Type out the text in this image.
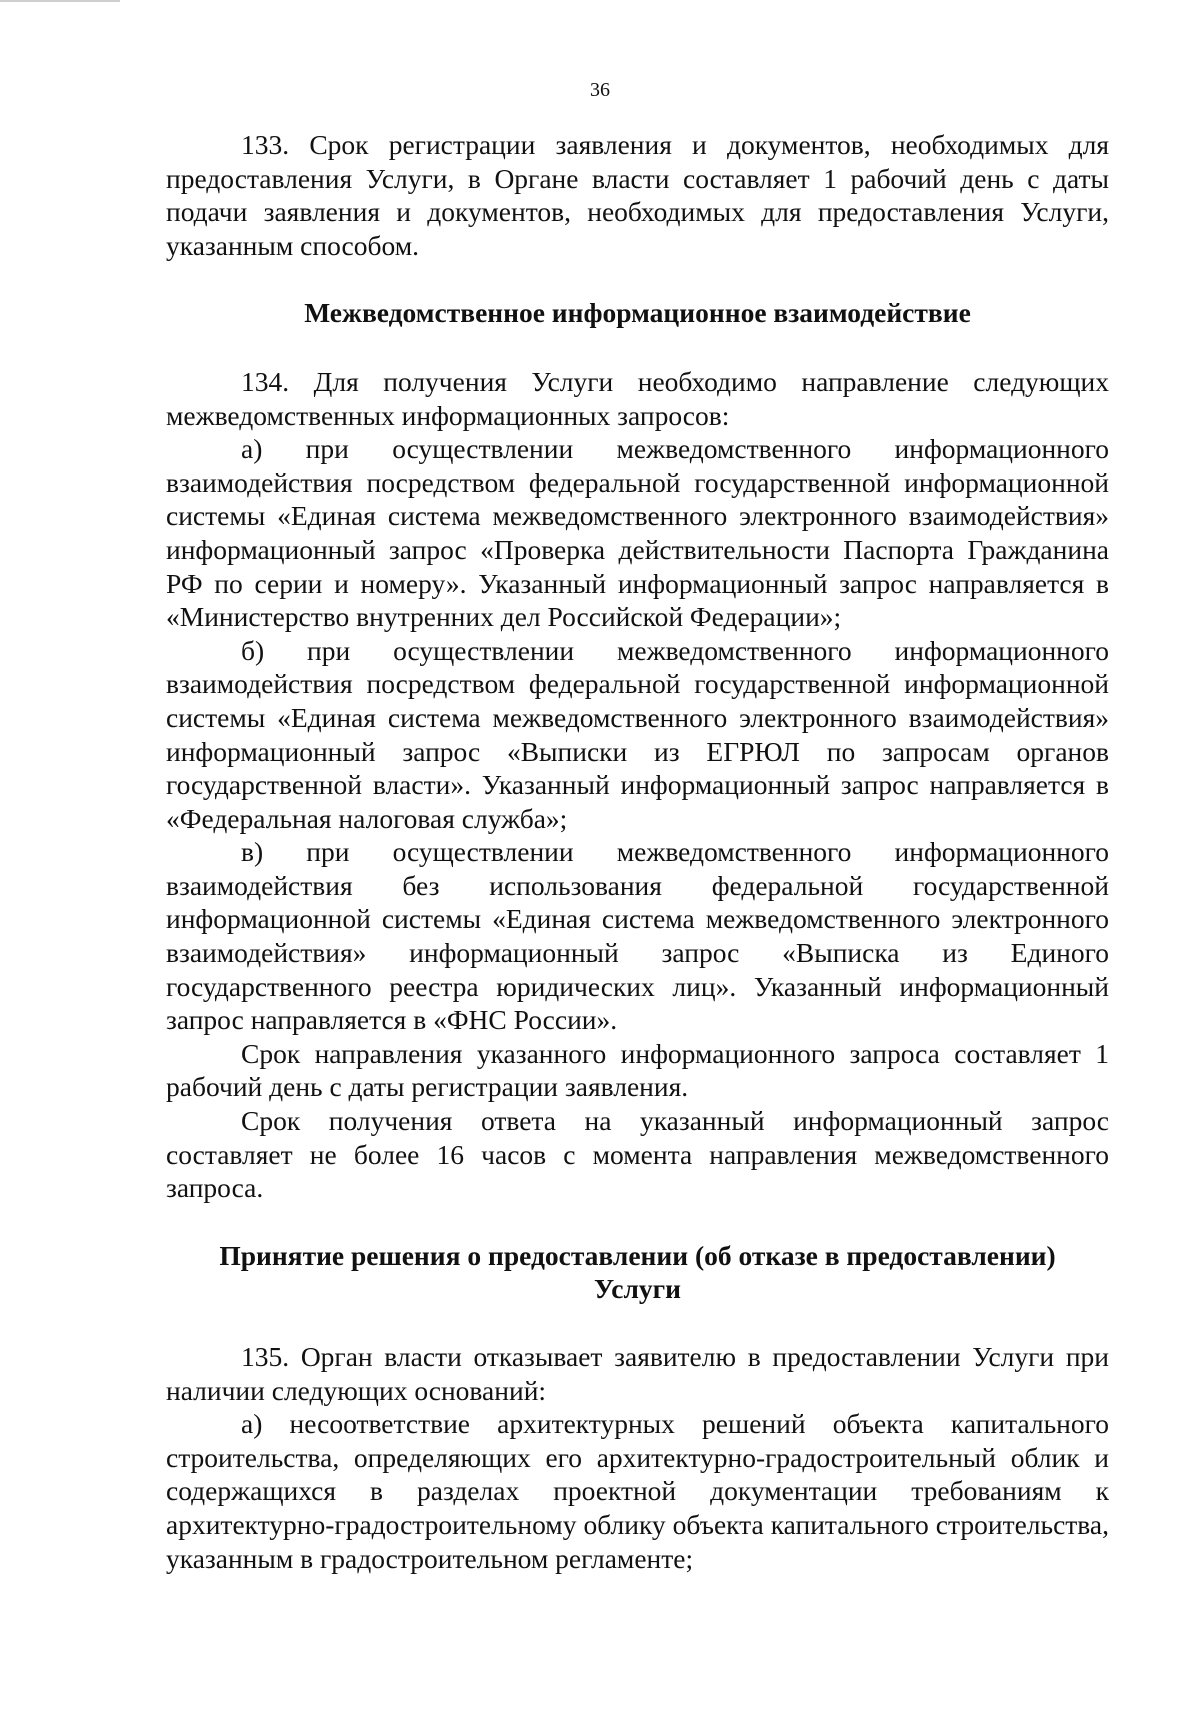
36

133. Срок регистрации заявления и документов, необходимых для предоставления Услуги, в Органе власти составляет 1 рабочий день с даты подачи заявления и документов, необходимых для предоставления Услуги, указанным способом.

Межведомственное информационное взаимодействие

134. Для получения Услуги необходимо направление следующих межведомственных информационных запросов:

а) при осуществлении межведомственного информационного взаимодействия посредством федеральной государственной информационной системы «Единая система межведомственного электронного взаимодействия» информационный запрос «Проверка действительности Паспорта Гражданина РФ по серии и номеру». Указанный информационный запрос направляется в «Министерство внутренних дел Российской Федерации»;

б) при осуществлении межведомственного информационного взаимодействия посредством федеральной государственной информационной системы «Единая система межведомственного электронного взаимодействия» информационный запрос «Выписки из ЕГРЮЛ по запросам органов государственной власти». Указанный информационный запрос направляется в «Федеральная налоговая служба»;

в) при осуществлении межведомственного информационного взаимодействия без использования федеральной государственной информационной системы «Единая система межведомственного электронного взаимодействия» информационный запрос «Выписка из Единого государственного реестра юридических лиц». Указанный информационный запрос направляется в «ФНС России».

Срок направления указанного информационного запроса составляет 1 рабочий день с даты регистрации заявления.

Срок получения ответа на указанный информационный запрос составляет не более 16 часов с момента направления межведомственного запроса.

Принятие решения о предоставлении (об отказе в предоставлении)
Услуги

135. Орган власти отказывает заявителю в предоставлении Услуги при наличии следующих оснований:

а) несоответствие архитектурных решений объекта капитального строительства, определяющих его архитектурно-градостроительный облик и содержащихся в разделах проектной документации требованиям к архитектурно-градостроительному облику объекта капитального строительства, указанным в градостроительном регламенте;
